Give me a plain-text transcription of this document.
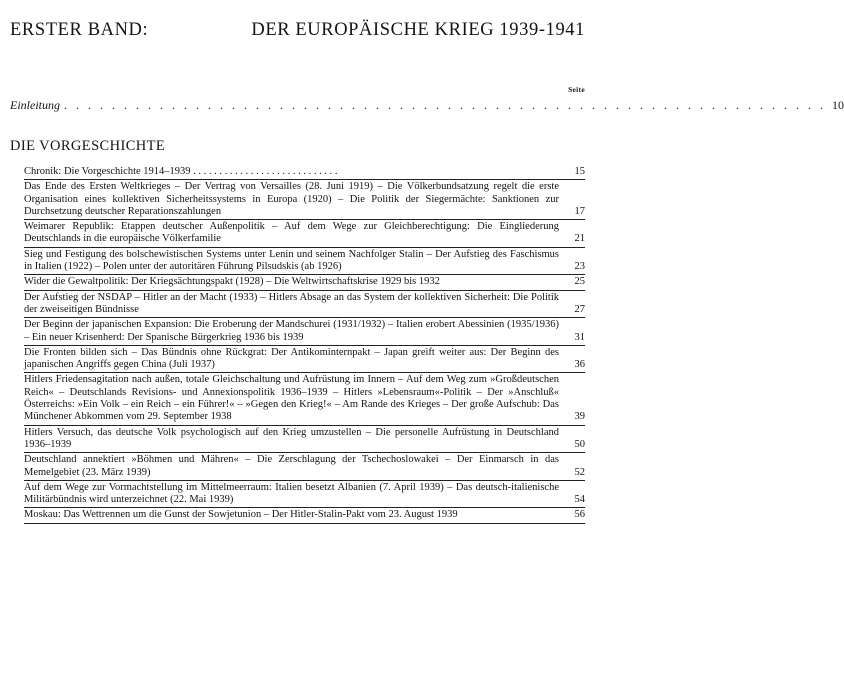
ERSTER BAND:	DER EUROPÄISCHE KRIEG 1939-1941
Seite
Einleitung . . . . . . . . . . . . . . . . . . . . . . . . . . . . . . . . . . . . . . . . . . . . . . . . . . . . . . . . . . . . . . . . 10
DIE VORGESCHICHTE
Chronik: Die Vorgeschichte 1914–1939 . . . . . . . . . . . . . . . . . . . . . . . . . . . .	15
Das Ende des Ersten Weltkrieges – Der Vertrag von Versailles (28. Juni 1919) – Die Völkerbundsatzung regelt die erste Organisation eines kollektiven Sicherheitssystems in Europa (1920) – Die Politik der Siegermächte: Sanktionen zur Durchsetzung deutscher Reparationszahlungen	17
Weimarer Republik: Etappen deutscher Außenpolitik – Auf dem Wege zur Gleichberechtigung: Die Eingliederung Deutschlands in die europäische Völkerfamilie	21
Sieg und Festigung des bolschewistischen Systems unter Lenin und seinem Nachfolger Stalin – Der Aufstieg des Faschismus in Italien (1922) – Polen unter der autoritären Führung Pilsudskis (ab 1926)	23
Wider die Gewaltpolitik: Der Kriegsächtungspakt (1928) – Die Weltwirtschaftskrise 1929 bis 1932	25
Der Aufstieg der NSDAP – Hitler an der Macht (1933) – Hitlers Absage an das System der kollektiven Sicherheit: Die Politik der zweiseitigen Bündnisse	27
Der Beginn der japanischen Expansion: Die Eroberung der Mandschurei (1931/1932) – Italien erobert Abessinien (1935/1936) – Ein neuer Krisenherd: Der Spanische Bürgerkrieg 1936 bis 1939	31
Die Fronten bilden sich – Das Bündnis ohne Rückgrat: Der Antikominternpakt – Japan greift weiter aus: Der Beginn des japanischen Angriffs gegen China (Juli 1937)	36
Hitlers Friedensagitation nach außen, totale Gleichschaltung und Aufrüstung im Innern – Auf dem Weg zum »Großdeutschen Reich« – Deutschlands Revisions- und Annexionspolitik 1936–1939 – Hitlers »Lebensraum«-Politik – Der »Anschluß« Österreichs: »Ein Volk – ein Reich – ein Führer!« – »Gegen den Krieg!« – Am Rande des Krieges – Der große Aufschub: Das Münchener Abkommen vom 29. September 1938	39
Hitlers Versuch, das deutsche Volk psychologisch auf den Krieg umzustellen – Die personelle Aufrüstung in Deutschland 1936–1939	50
Deutschland annektiert »Böhmen und Mähren« – Die Zerschlagung der Tschechoslowakei – Der Einmarsch in das Memelgebiet (23. März 1939)	52
Auf dem Wege zur Vormachtstellung im Mittelmeerraum: Italien besetzt Albanien (7. April 1939) – Das deutsch-italienische Militärbündnis wird unterzeichnet (22. Mai 1939)	54
Moskau: Das Wettrennen um die Gunst der Sowjetunion – Der Hitler-Stalin-Pakt vom 23. August 1939	56
